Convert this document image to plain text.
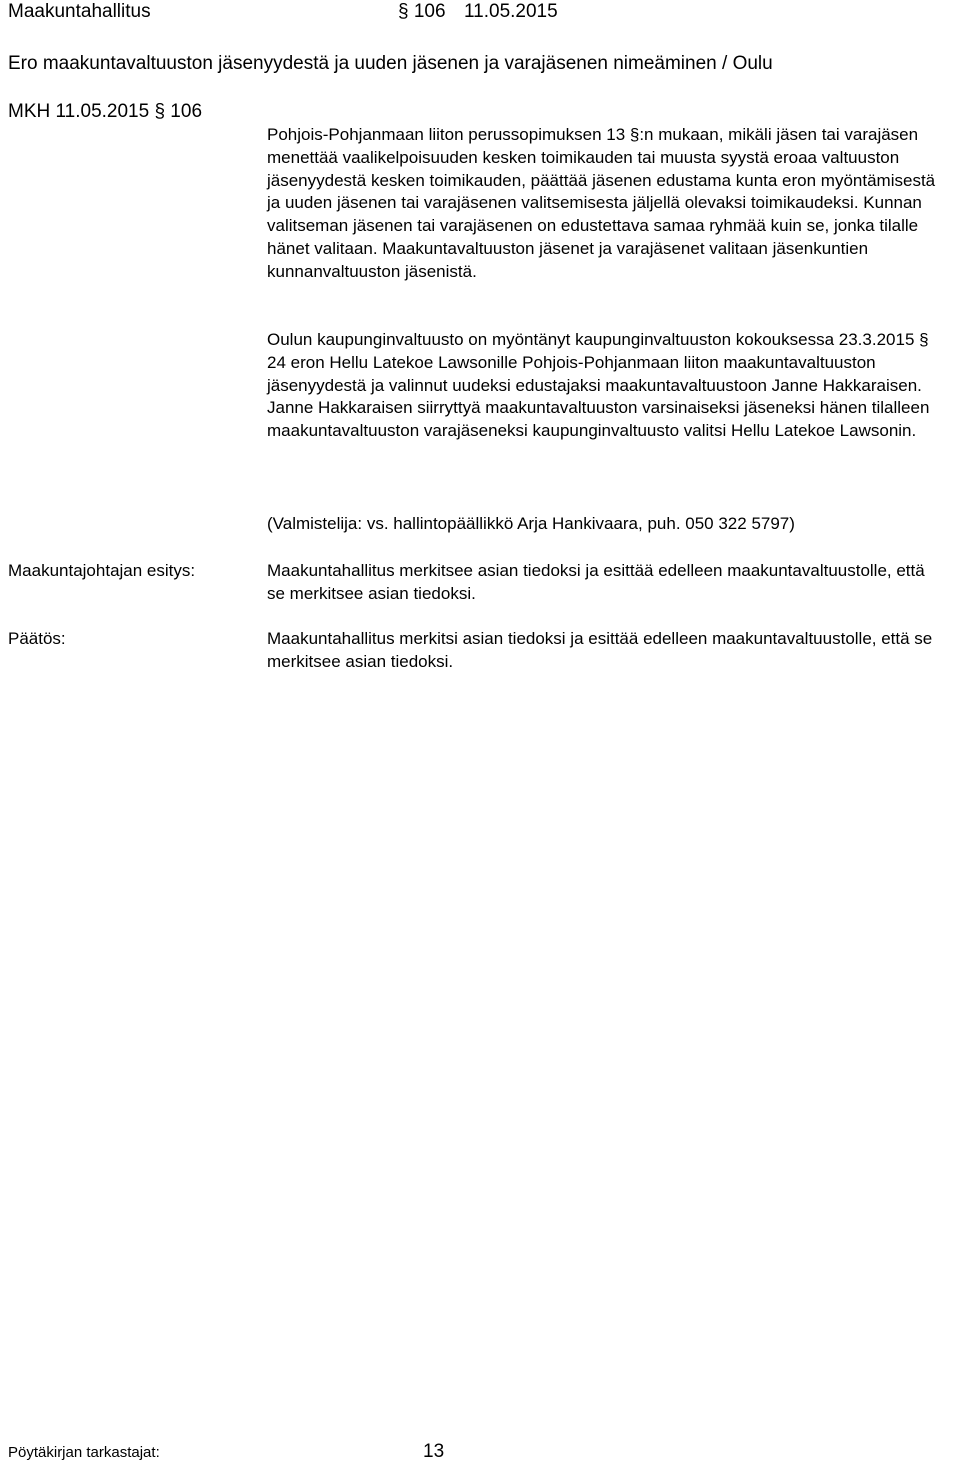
Maakuntahallitus	§ 106 11.05.2015
Ero maakuntavaltuuston jäsenyydestä ja uuden jäsenen ja varajäsenen nimeäminen / Oulu
MKH 11.05.2015 § 106

Pohjois-Pohjanmaan liiton perussopimuksen 13 §:n mukaan, mikäli jäsen tai varajäsen menettää vaalikelpoisuuden kesken toimikauden tai muusta syystä eroaa valtuuston jäsenyydestä kesken toimikauden, päättää jäsenen edustama kunta eron myöntämisestä ja uuden jäsenen tai varajäsenen valitsemisesta jäljellä olevaksi toimikaudeksi. Kunnan valitseman jäsenen tai varajäsenen on edustettava samaa ryhmää kuin se, jonka tilalle hänet valitaan. Maakuntavaltuuston jäsenet ja varajäsenet valitaan jäsenkuntien kunnanvaltuuston jäsenistä.

Oulun kaupunginvaltuusto on myöntänyt kaupunginvaltuuston kokouksessa 23.3.2015 § 24 eron Hellu Latekoe Lawsonille Pohjois-Pohjanmaan liiton maakuntavaltuuston jäsenyydestä ja valinnut uudeksi edustajaksi maakuntavaltuustoon Janne Hakkaraisen. Janne Hakkaraisen siirryttyä maakuntavaltuuston varsinaiseksi jäseneksi hänen tilalleen maakuntavaltuuston varajäseneksi kaupunginvaltuusto valitsi Hellu Latekoe Lawsonin.

(Valmistelija: vs. hallintopäällikkö Arja Hankivaara, puh. 050 322 5797)

Maakuntajohtajan esitys:	Maakuntahallitus merkitsee asian tiedoksi ja esittää edelleen maakuntavaltuustolle, että se merkitsee asian tiedoksi.

Päätös:	Maakuntahallitus merkitsi asian tiedoksi ja esittää edelleen maakuntavaltuustolle, että se merkitsee asian tiedoksi.

Pöytäkirjan tarkastajat:	13
